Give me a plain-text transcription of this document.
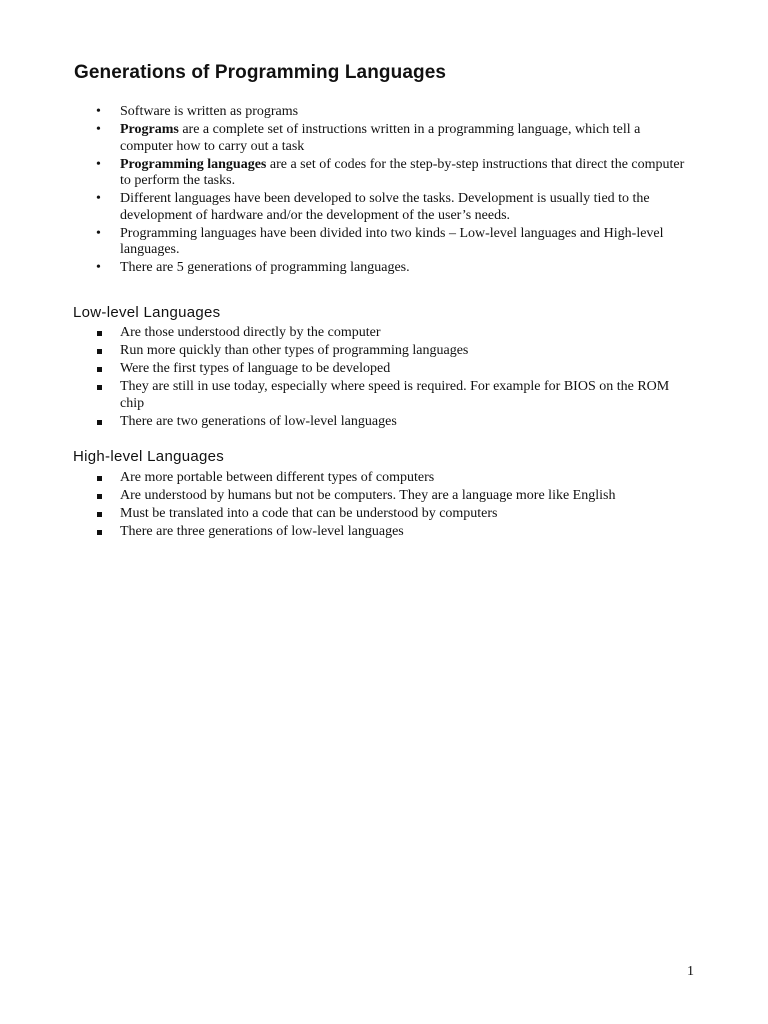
Generations of Programming Languages
• Software is written as programs
• Programs are a complete set of instructions written in a programming language, which tell a computer how to carry out a task
• Programming languages are a set of codes for the step-by-step instructions that direct the computer to perform the tasks.
• Different languages have been developed to solve the tasks. Development is usually tied to the development of hardware and/or the development of the user’s needs.
• Programming languages have been divided into two kinds – Low-level languages and High-level languages.
• There are 5 generations of programming languages.
Low-level Languages
Are those understood directly by the computer
Run more quickly than other types of programming languages
Were the first types of language to be developed
They are still in use today, especially where speed is required. For example for BIOS on the ROM chip
There are two generations of low-level languages
High-level Languages
Are more portable between different types of computers
Are understood by humans but not be computers. They are a language more like English
Must be translated into a code that can be understood by computers
There are three generations of low-level languages
1
